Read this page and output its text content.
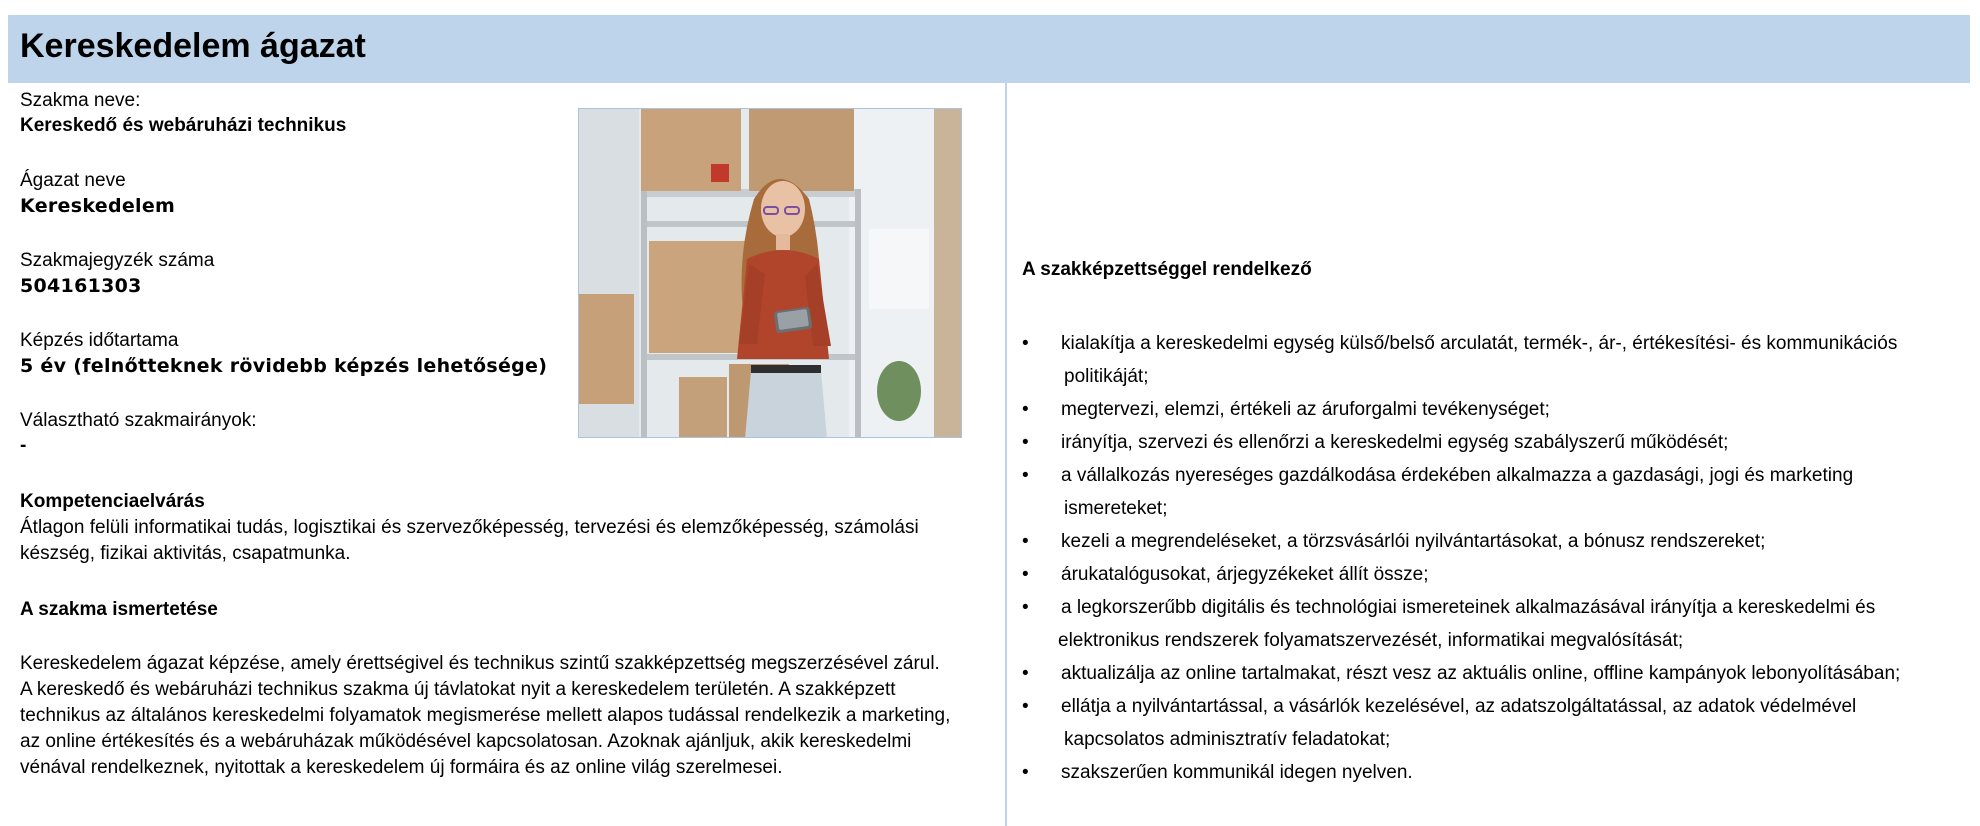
Kereskedelem ágazat
Szakma neve:
Kereskedő és webáruházi technikus
Ágazat neve
Kereskedelem
Szakmajegyzék száma
504161303
Képzés időtartama
5 év (felnőtteknek rövidebb képzés lehetősége)
Választható szakmairányok:
-
Kompetenciaelvárás
Átlagon felüli informatikai tudás, logisztikai és szervezőképesség, tervezési és elemzőképesség, számolási
készség, fizikai aktivitás, csapatmunka.
A szakma ismertetése
Kereskedelem ágazat képzése, amely érettségivel és technikus szintű szakképzettség megszerzésével zárul.
A kereskedő és webáruházi technikus szakma új távlatokat nyit a kereskedelem területén. A szakképzett
technikus az általános kereskedelmi folyamatok megismerése mellett alapos tudással rendelkezik a marketing,
az online értékesítés és a webáruházak működésével kapcsolatosan. Azoknak ajánljuk, akik kereskedelmi
vénával rendelkeznek, nyitottak a kereskedelem új formáira és az online világ szerelmesei.
A szakképzettséggel rendelkező
• kialakítja a kereskedelmi egység külső/belső arculatát, termék-, ár-, értékesítési- és kommunikációs
politikáját;
• megtervezi, elemzi, értékeli az áruforgalmi tevékenységet;
• irányítja, szervezi és ellenőrzi a kereskedelmi egység szabályszerű működését;
• a vállalkozás nyereséges gazdálkodása érdekében alkalmazza a gazdasági, jogi és marketing
ismereteket;
• kezeli a megrendeléseket, a törzsvásárlói nyilvántartásokat, a bónusz rendszereket;
• árukatalógusokat, árjegyzékeket állít össze;
• a legkorszerűbb digitális és technológiai ismereteinek alkalmazásával irányítja a kereskedelmi és
elektronikus rendszerek folyamatszervezését, informatikai megvalósítását;
• aktualizálja az online tartalmakat, részt vesz az aktuális online, offline kampányok lebonyolításában;
• ellátja a nyilvántartással, a vásárlók kezelésével, az adatszolgáltatással, az adatok védelmével
kapcsolatos adminisztratív feladatokat;
• szakszerűen kommunikál idegen nyelven.
